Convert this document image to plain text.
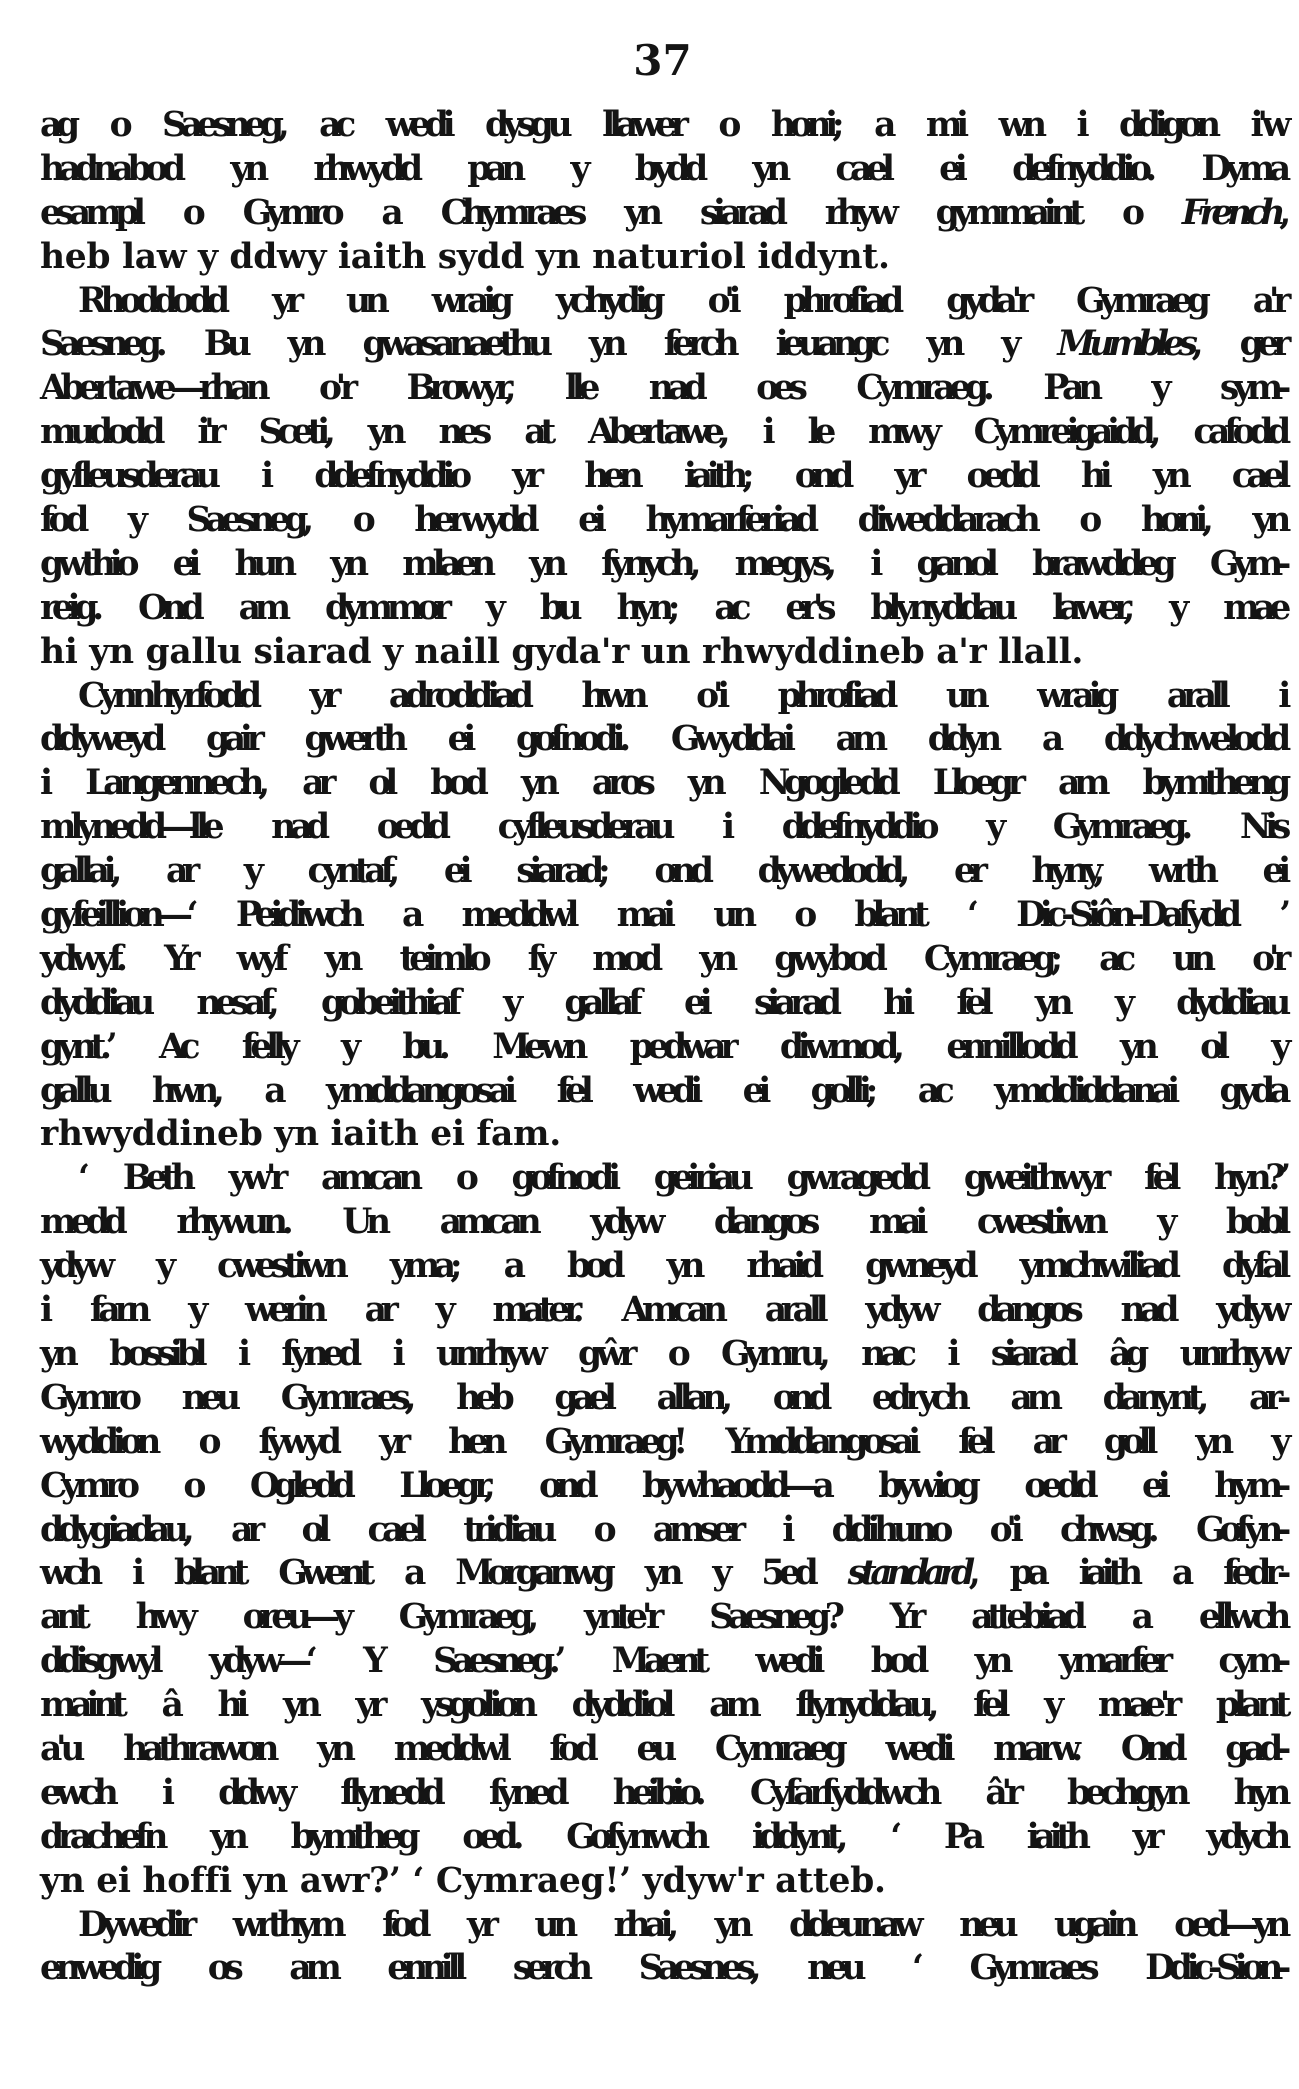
37
ag o Saesneg, ac wedi dysgu llawer o honi; a mi wn i ddigon i'w
hadnabod yn rhwydd pan y bydd yn cael ei defnyddio. Dyma
esampl o Gymro a Chymraes yn siarad rhyw gymmaint o French,
heb law y ddwy iaith sydd yn naturiol iddynt.
Rhoddodd yr un wraig ychydig o'i phrofiad gyda'r Gymraeg a'r
Saesneg. Bu yn gwasanaethu yn ferch ieuangc yn y Mumbles, ger
Abertawe—rhan o'r Browyr, lle nad oes Cymraeg. Pan y sym-
mudodd i'r Sceti, yn nes at Abertawe, i le mwy Cymreigaidd, cafodd
gyfleusderau i ddefnyddio yr hen iaith; ond yr oedd hi yn cael
fod y Saesneg, o herwydd ei hymarferiad diweddarach o honi, yn
gwthio ei hun yn mlaen yn fynych, megys, i ganol brawddeg Gym-
reig. Ond am dymmor y bu hyn; ac er's blynyddau lawer, y mae
hi yn gallu siarad y naill gyda'r un rhwyddineb a'r llall.
Cynnhyrfodd yr adroddiad hwn o'i phrofiad un wraig arall i
ddyweyd gair gwerth ei gofnodi. Gwyddai am ddyn a ddychwelodd
i Langennech, ar ol bod yn aros yn Ngogledd Lloegr am bymtheng
mlynedd—lle nad oedd cyfleusderau i ddefnyddio y Gymraeg. Nis
gallai, ar y cyntaf, ei siarad; ond dywedodd, er hyny, wrth ei
gyfeillion—‘ Peidiwch a meddwl mai un o blant ‘ Dic-Siôn-Dafydd ’
ydwyf. Yr wyf yn teimlo fy mod yn gwybod Cymraeg; ac un o'r
dyddiau nesaf, gobeithiaf y gallaf ei siarad hi fel yn y dyddiau
gynt.’ Ac felly y bu. Mewn pedwar diwrnod, ennillodd yn ol y
gallu hwn, a ymddangosai fel wedi ei golli; ac ymddiddanai gyda
rhwyddineb yn iaith ei fam.
‘ Beth yw'r amcan o gofnodi geiriau gwragedd gweithwyr fel hyn?’
medd rhywun. Un amcan ydyw dangos mai cwestiwn y bobl
ydyw y cwestiwn yma; a bod yn rhaid gwneyd ymchwiliad dyfal
i farn y werin ar y mater. Amcan arall ydyw dangos nad ydyw
yn bossibl i fyned i unrhyw gŵr o Gymru, nac i siarad âg unrhyw
Gymro neu Gymraes, heb gael allan, ond edrych am danynt, ar-
wyddion o fywyd yr hen Gymraeg! Ymddangosai fel ar goll yn y
Cymro o Ogledd Lloegr, ond bywhaodd—a bywiog oedd ei hym-
ddygiadau, ar ol cael tridiau o amser i ddihuno o'i chwsg. Gofyn-
wch i blant Gwent a Morganwg yn y 5ed standard, pa iaith a fedr-
ant hwy oreu—y Gymraeg, ynte'r Saesneg? Yr attebiad a ellwch
ddisgwyl ydyw—‘ Y Saesneg.’ Maent wedi bod yn ymarfer cym-
maint â hi yn yr ysgolion dyddiol am flynyddau, fel y mae'r plant
a'u hathrawon yn meddwl fod eu Cymraeg wedi marw. Ond gad-
ewch i ddwy flynedd fyned heibio. Cyfarfyddwch â'r bechgyn hyn
drachefn yn bymtheg oed. Gofynwch iddynt, ‘ Pa iaith yr ydych
yn ei hoffi yn awr?’ ‘ Cymraeg!’ ydyw'r atteb.
Dywedir wrthym fod yr un rhai, yn ddeunaw neu ugain oed—yn
enwedig os am ennill serch Saesnes, neu ‘ Gymraes Ddic-Sion-
